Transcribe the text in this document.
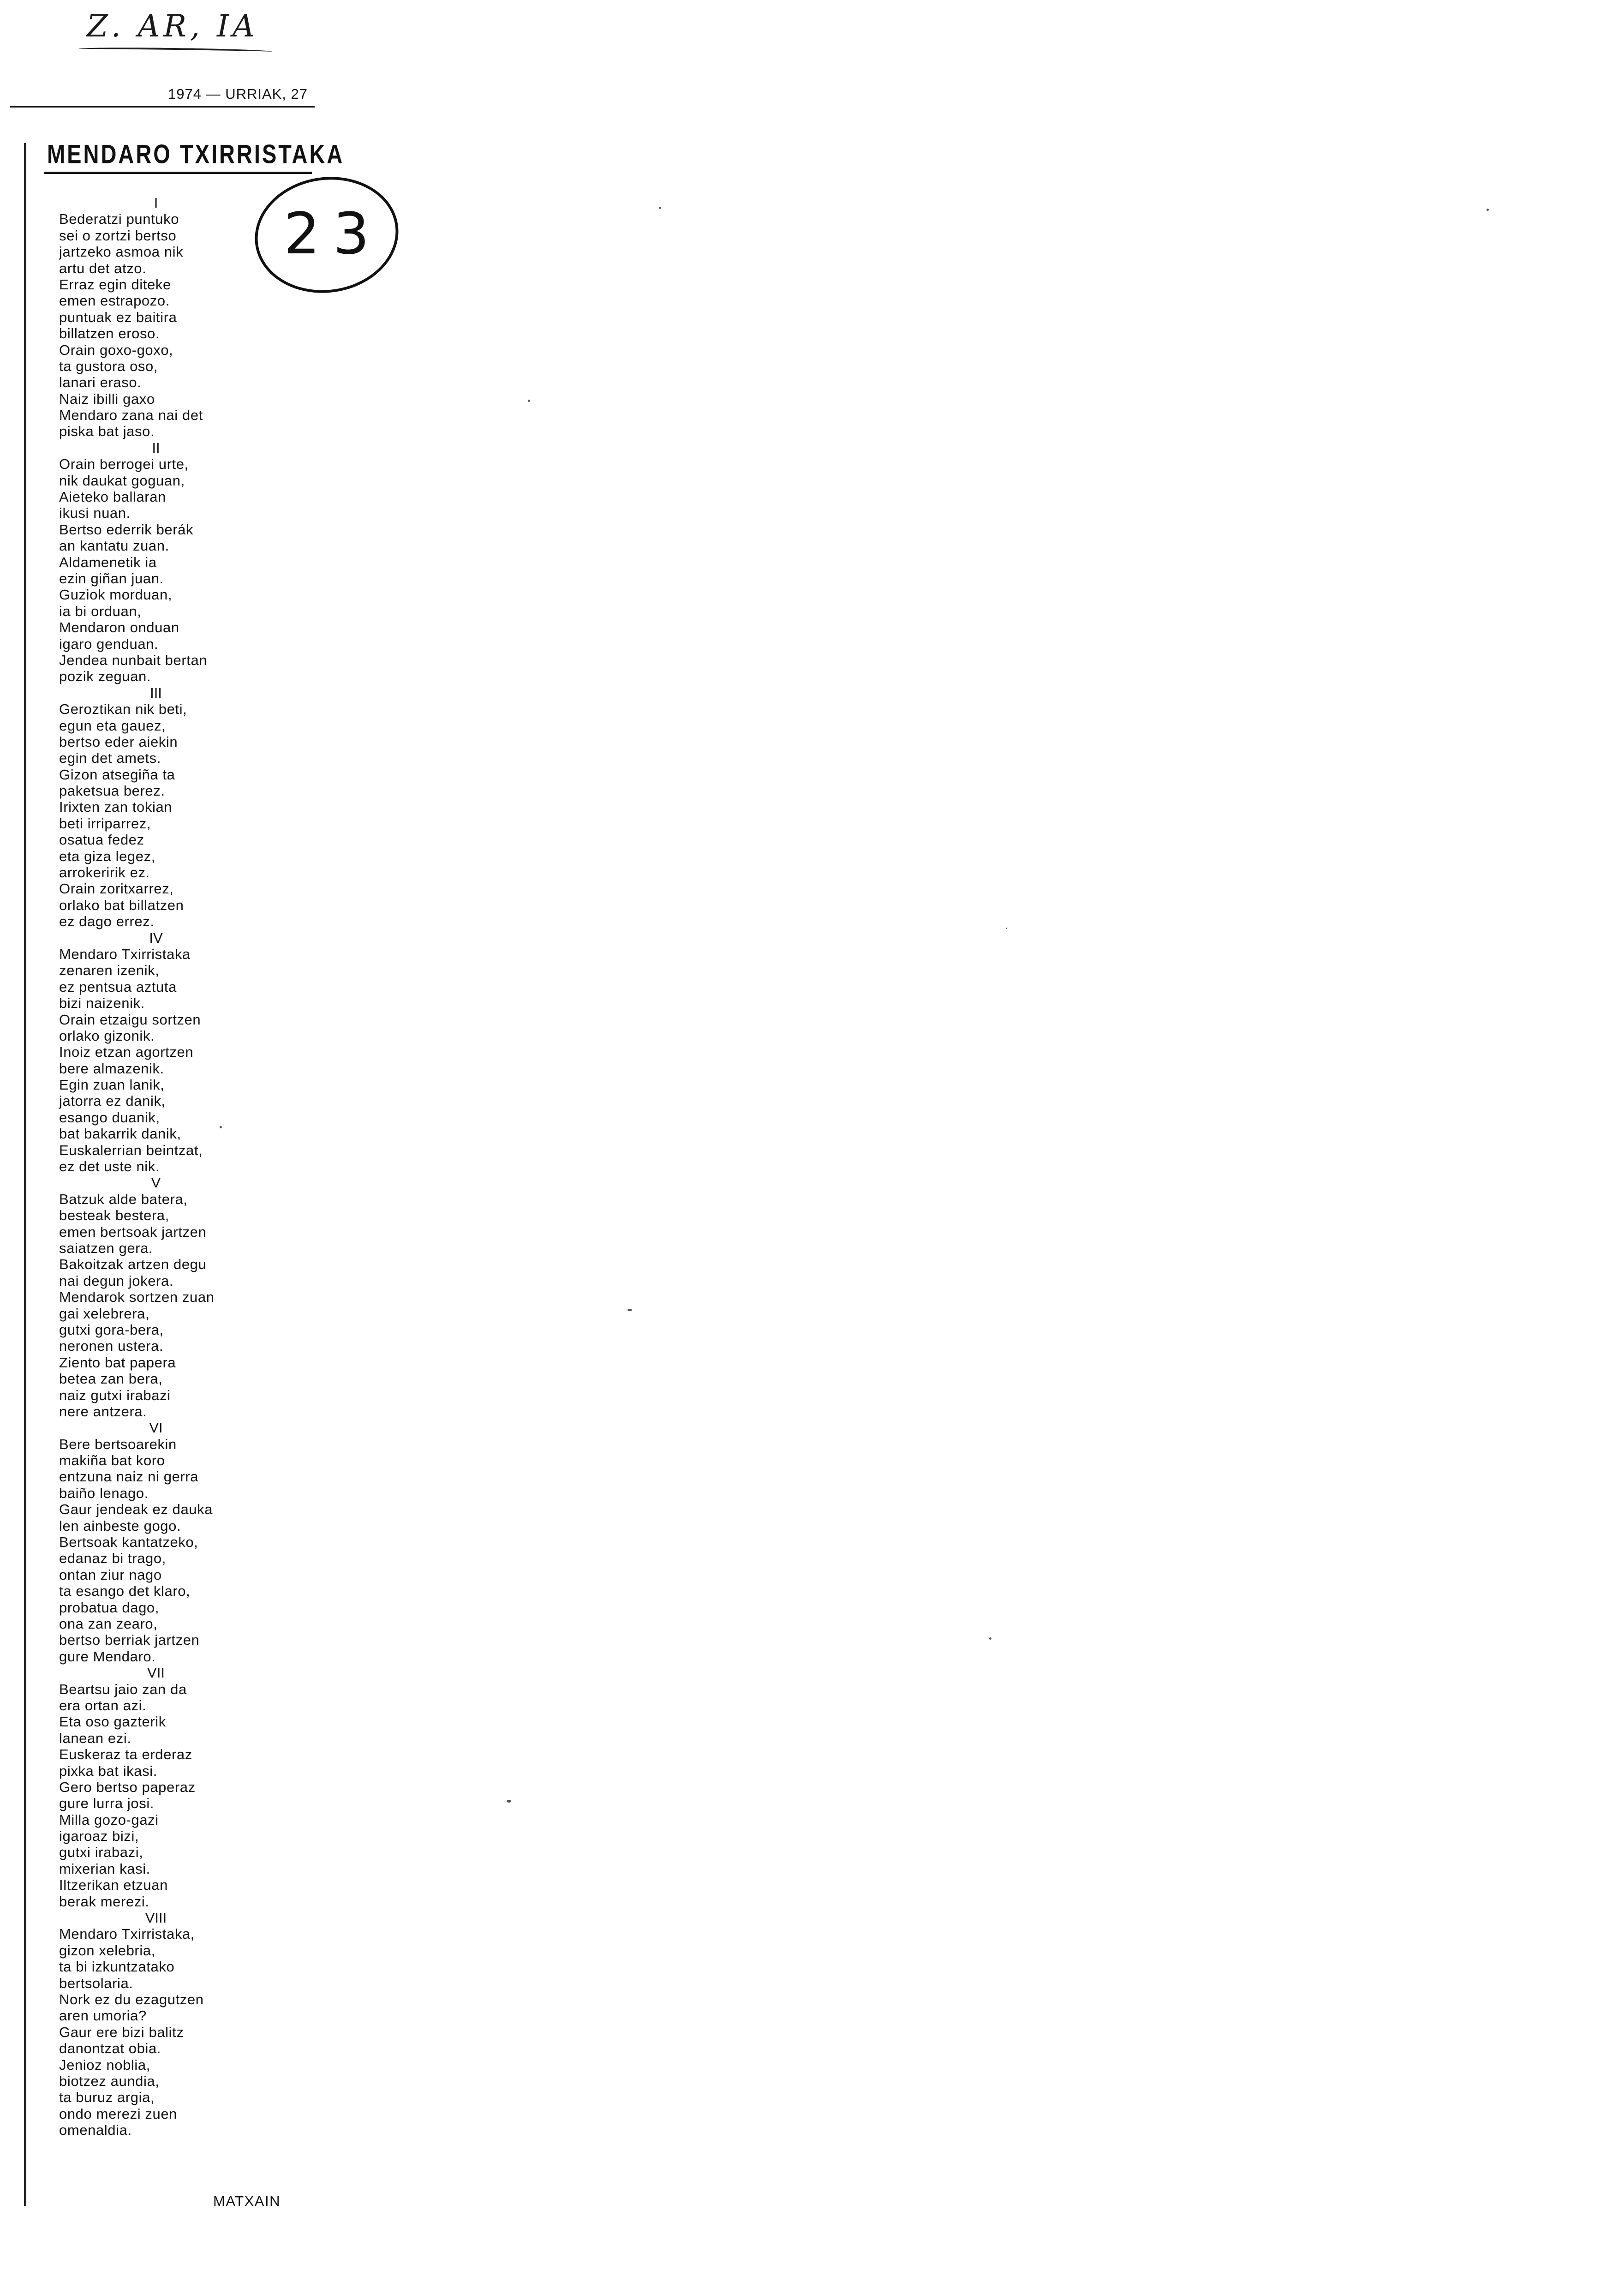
Z. AR, IA
1974 — URRIAK, 27
MENDARO TXIRRISTAKA
23
I
Bederatzi puntuko
sei o zortzi bertso
jartzeko asmoa nik
artu det atzo.
Erraz egin diteke
emen estrapozo.
puntuak ez baitira
billatzen eroso.
Orain goxo-goxo,
ta gustora oso,
lanari eraso.
Naiz ibilli gaxo
Mendaro zana nai det
piska bat jaso.
II
Orain berrogei urte,
nik daukat goguan,
Aieteko ballaran
ikusi nuan.
Bertso ederrik berák
an kantatu zuan.
Aldamenetik ia
ezin giñan juan.
Guziok morduan,
ia bi orduan,
Mendaron onduan
igaro genduan.
Jendea nunbait bertan
pozik zeguan.
III
Geroztikan nik beti,
egun eta gauez,
bertso eder aiekin
egin det amets.
Gizon atsegiña ta
paketsua berez.
Irixten zan tokian
beti irriparrez,
osatua fedez
eta giza legez,
arrokeririk ez.
Orain zoritxarrez,
orlako bat billatzen
ez dago errez.
IV
Mendaro Txirristaka
zenaren izenik,
ez pentsua aztuta
bizi naizenik.
Orain etzaigu sortzen
orlako gizonik.
Inoiz etzan agortzen
bere almazenik.
Egin zuan lanik,
jatorra ez danik,
esango duanik,
bat bakarrik danik,
Euskalerrian beintzat,
ez det uste nik.
V
Batzuk alde batera,
besteak bestera,
emen bertsoak jartzen
saiatzen gera.
Bakoitzak artzen degu
nai degun jokera.
Mendarok sortzen zuan
gai xelebrera,
gutxi gora-bera,
neronen ustera.
Ziento bat papera
betea zan bera,
naiz gutxi irabazi
nere antzera.
VI
Bere bertsoarekin
makiña bat koro
entzuna naiz ni gerra
baiño lenago.
Gaur jendeak ez dauka
len ainbeste gogo.
Bertsoak kantatzeko,
edanaz bi trago,
ontan ziur nago
ta esango det klaro,
probatua dago,
ona zan zearo,
bertso berriak jartzen
gure Mendaro.
VII
Beartsu jaio zan da
era ortan azi.
Eta oso gazterik
lanean ezi.
Euskeraz ta erderaz
pixka bat ikasi.
Gero bertso paperaz
gure lurra josi.
Milla gozo-gazi
igaroaz bizi,
gutxi irabazi,
mixerian kasi.
Iltzerikan etzuan
berak merezi.
VIII
Mendaro Txirristaka,
gizon xelebria,
ta bi izkuntzatako
bertsolaria.
Nork ez du ezagutzen
aren umoria?
Gaur ere bizi balitz
danontzat obia.
Jenioz noblia,
biotzez aundia,
ta buruz argia,
ondo merezi zuen
omenaldia.
MATXAIN
